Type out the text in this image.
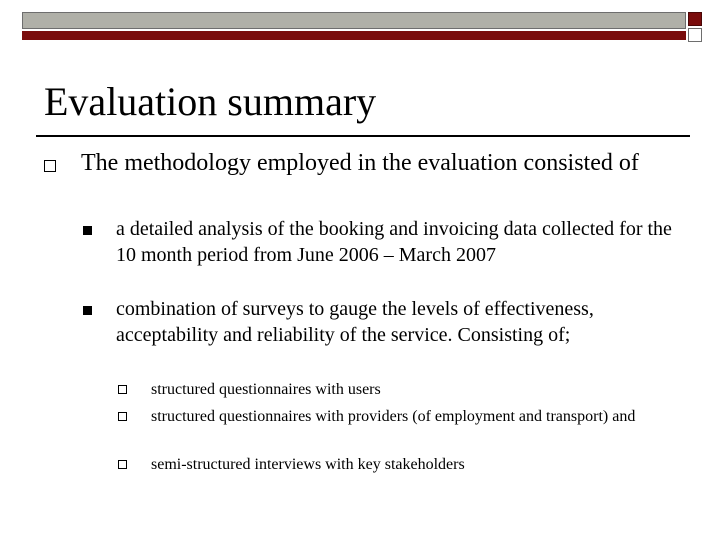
Evaluation summary
The methodology employed in the evaluation consisted of
a detailed analysis of the booking and invoicing data collected for the 10 month period from June 2006 – March 2007
combination of surveys to gauge the levels of effectiveness, acceptability and reliability of the service. Consisting of;
structured questionnaires with users
structured questionnaires with providers (of employment and transport) and
semi-structured interviews with key stakeholders
